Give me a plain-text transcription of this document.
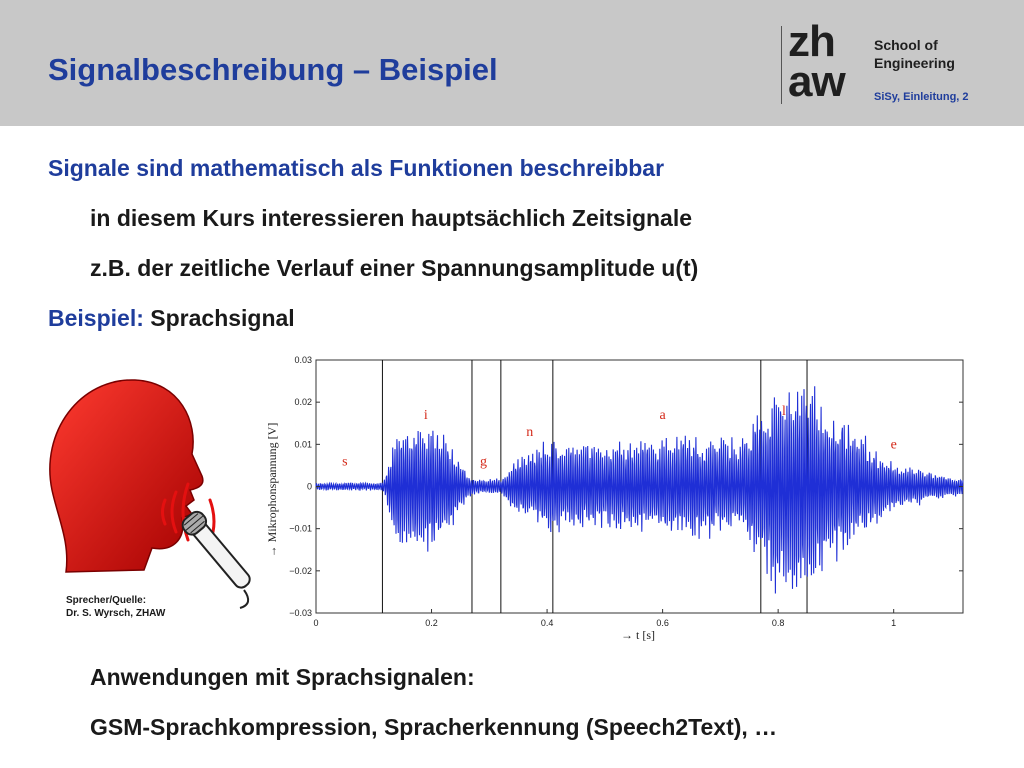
Signalbeschreibung – Beispiel
zh
aw
School of
Engineering
SiSy, Einleitung, 2
Signale sind mathematisch als Funktionen beschreibbar
in diesem Kurs interessieren hauptsächlich Zeitsignale
z.B. der zeitliche Verlauf einer Spannungsamplitude u(t)
Beispiel: Sprachsignal
Sprecher/Quelle:
Dr. S. Wyrsch, ZHAW
0.03
0.02
0.01
0
−0.01
−0.02
−0.03
0	0.2	0.4	0.6	0.8	1
s
i
g
n
a	l
e
→ Mikrophonspannung [V]
→ t [s]
Anwendungen mit Sprachsignalen:
GSM-Sprachkompression, Spracherkennung (Speech2Text), …
